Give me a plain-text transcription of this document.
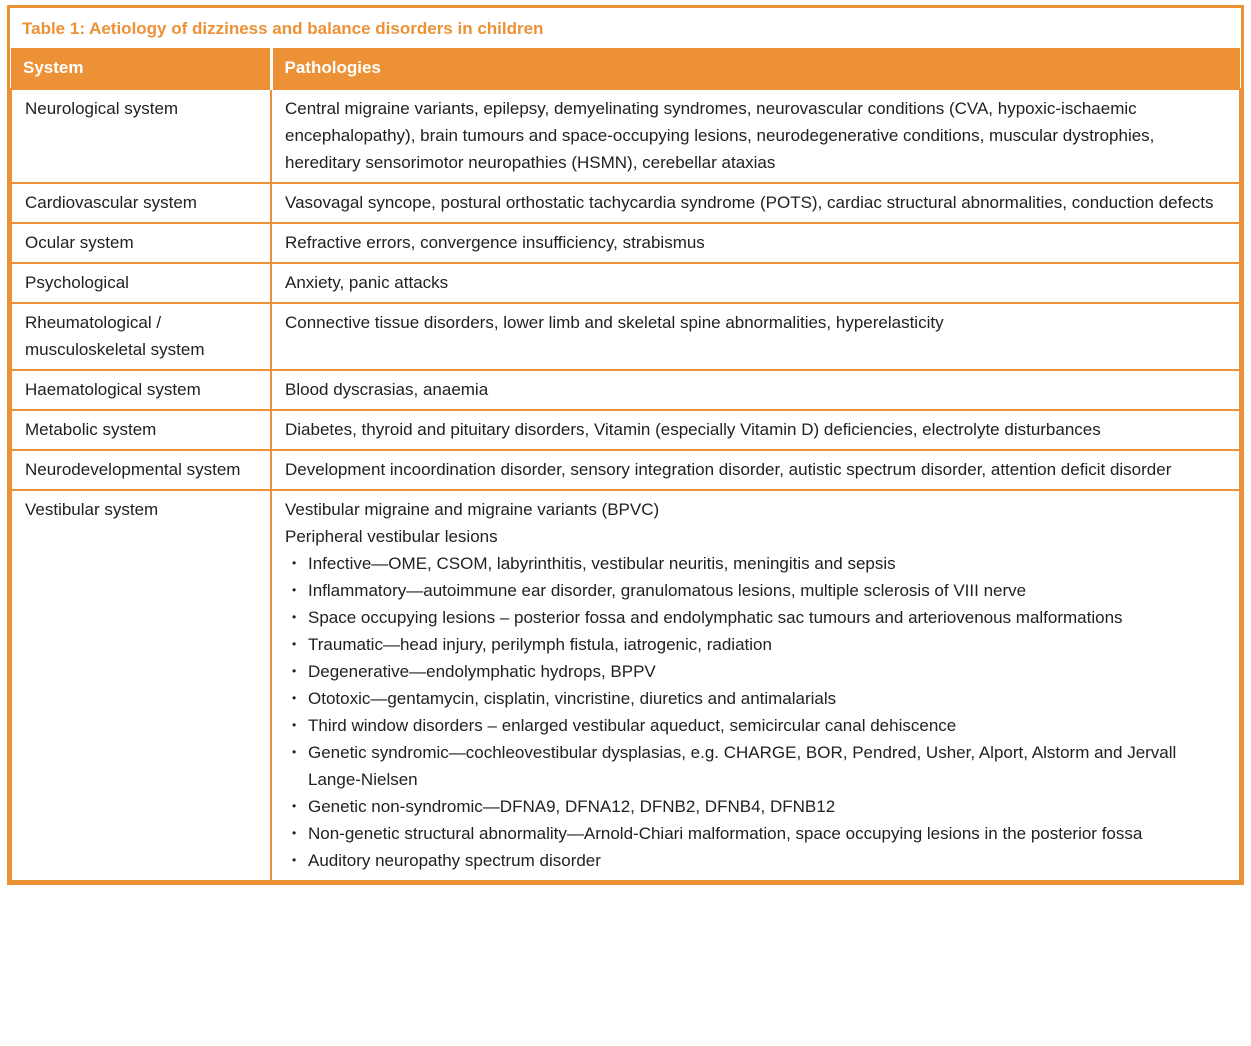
Table 1: Aetiology of dizziness and balance disorders in children
System	Pathologies
Neurological system	Central migraine variants, epilepsy, demyelinating syndromes, neurovascular conditions (CVA, hypoxic-ischaemic encephalopathy), brain tumours and space-occupying lesions, neurodegenerative conditions, muscular dystrophies, hereditary sensorimotor neuropathies (HSMN), cerebellar ataxias
Cardiovascular system	Vasovagal syncope, postural orthostatic tachycardia syndrome (POTS), cardiac structural abnormalities, conduction defects
Ocular system	Refractive errors, convergence insufficiency, strabismus
Psychological	Anxiety, panic attacks
Rheumatological / musculoskeletal system	Connective tissue disorders, lower limb and skeletal spine abnormalities, hyperelasticity
Haematological system	Blood dyscrasias, anaemia
Metabolic system	Diabetes, thyroid and pituitary disorders, Vitamin (especially Vitamin D) deficiencies, electrolyte disturbances
Neurodevelopmental system	Development incoordination disorder, sensory integration disorder, autistic spectrum disorder, attention deficit disorder
Vestibular system	Vestibular migraine and migraine variants (BPVC)

Peripheral vestibular lesions

• Infective—OME, CSOM, labyrinthitis, vestibular neuritis, meningitis and sepsis
• Inflammatory—autoimmune ear disorder, granulomatous lesions, multiple sclerosis of VIII nerve
• Space occupying lesions – posterior fossa and endolymphatic sac tumours and arteriovenous malformations
• Traumatic—head injury, perilymph fistula, iatrogenic, radiation
• Degenerative—endolymphatic hydrops, BPPV
• Ototoxic—gentamycin, cisplatin, vincristine, diuretics and antimalarials
• Third window disorders – enlarged vestibular aqueduct, semicircular canal dehiscence
• Genetic syndromic—cochleovestibular dysplasias, e.g. CHARGE, BOR, Pendred, Usher, Alport, Alstorm and Jervall Lange-Nielsen
• Genetic non-syndromic—DFNA9, DFNA12, DFNB2, DFNB4, DFNB12
• Non-genetic structural abnormality—Arnold-Chiari malformation, space occupying lesions in the posterior fossa
• Auditory neuropathy spectrum disorder
